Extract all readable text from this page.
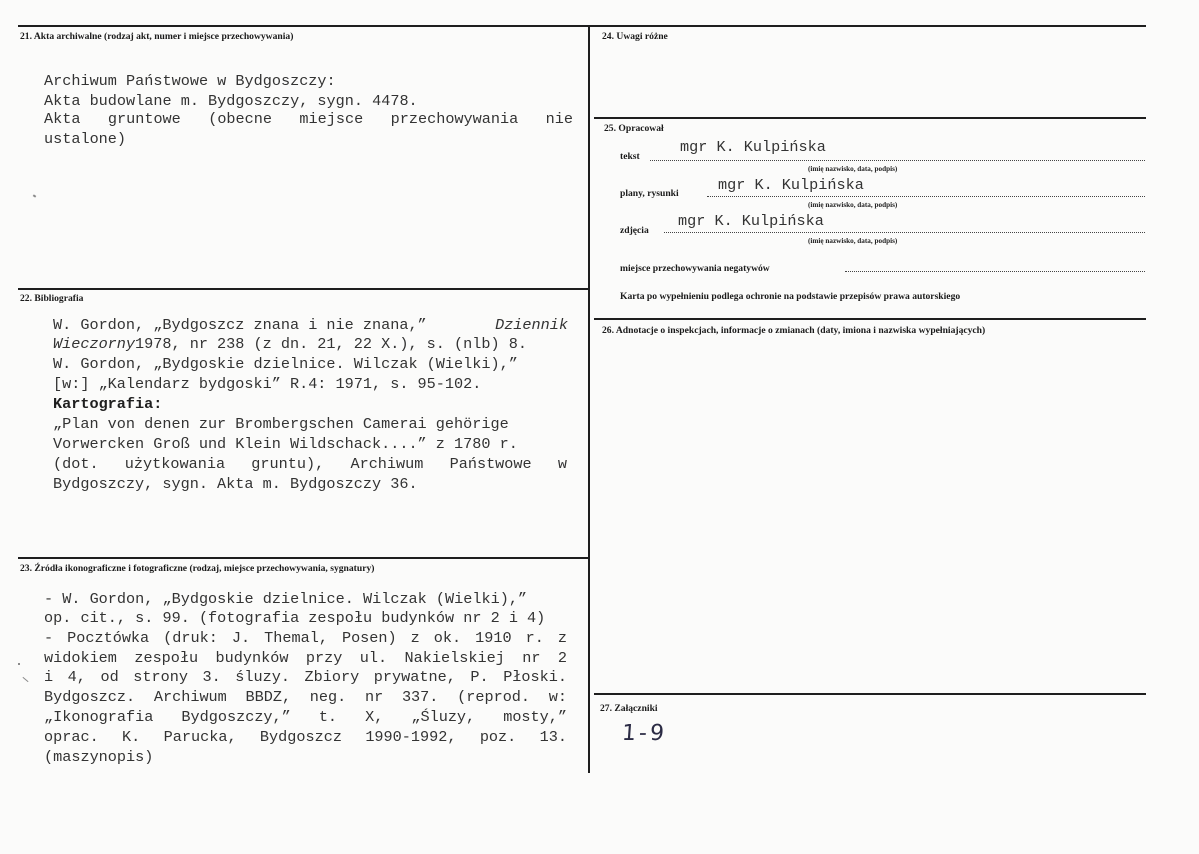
21. Akta archiwalne (rodzaj akt, numer i miejsce przechowywania)
Archiwum Państwowe w Bydgoszczy:
Akta budowlane m. Bydgoszczy, sygn. 4478.
Akta gruntowe (obecne miejsce przechowywania nie
ustalone)
22. Bibliografia
W. Gordon, „Bydgoszcz znana i nie znana,”	Dziennik
Wieczorny1978, nr 238 (z dn. 21, 22 X.), s. (nlb) 8.
W. Gordon, „Bydgoskie dzielnice. Wilczak (Wielki),”
[w:] „Kalendarz bydgoski” R.4: 1971, s. 95-102.
Kartografia:
„Plan von denen zur Brombergschen Camerai gehörige
Vorwercken Groß und Klein Wildschack....” z 1780 r.
(dot. użytkowania gruntu), Archiwum Państwowe w
Bydgoszczy, sygn. Akta m. Bydgoszczy 36.
23. Źródła ikonograficzne i fotograficzne (rodzaj, miejsce przechowywania, sygnatury)
- W. Gordon, „Bydgoskie dzielnice. Wilczak (Wielki),”
op. cit., s. 99. (fotografia zespołu budynków nr 2 i 4)
- Pocztówka (druk: J. Themal, Posen) z ok. 1910 r. z
widokiem zespołu budynków przy ul. Nakielskiej nr 2
i 4, od strony 3. śluzy. Zbiory prywatne, P. Płoski.
Bydgoszcz. Archiwum BBDZ, neg. nr 337. (reprod. w:
„Ikonografia Bydgoszczy,” t. X, „Śluzy, mosty,”
oprac. K. Parucka, Bydgoszcz 1990-1992, poz. 13.
(maszynopis)
24. Uwagi różne
25. Opracował
tekst
mgr K. Kulpińska
(imię nazwisko, data, podpis)
plany, rysunki	mgr K. Kulpińska
(imię nazwisko, data, podpis)
zdjęcia
mgr K. Kulpińska
(imię nazwisko, data, podpis)
miejsce przechowywania negatywów
Karta po wypełnieniu podlega ochronie na podstawie przepisów prawa autorskiego
26. Adnotacje o inspekcjach, informacje o zmianach (daty, imiona i nazwiska wypełniających)
27. Załączniki
1-9
